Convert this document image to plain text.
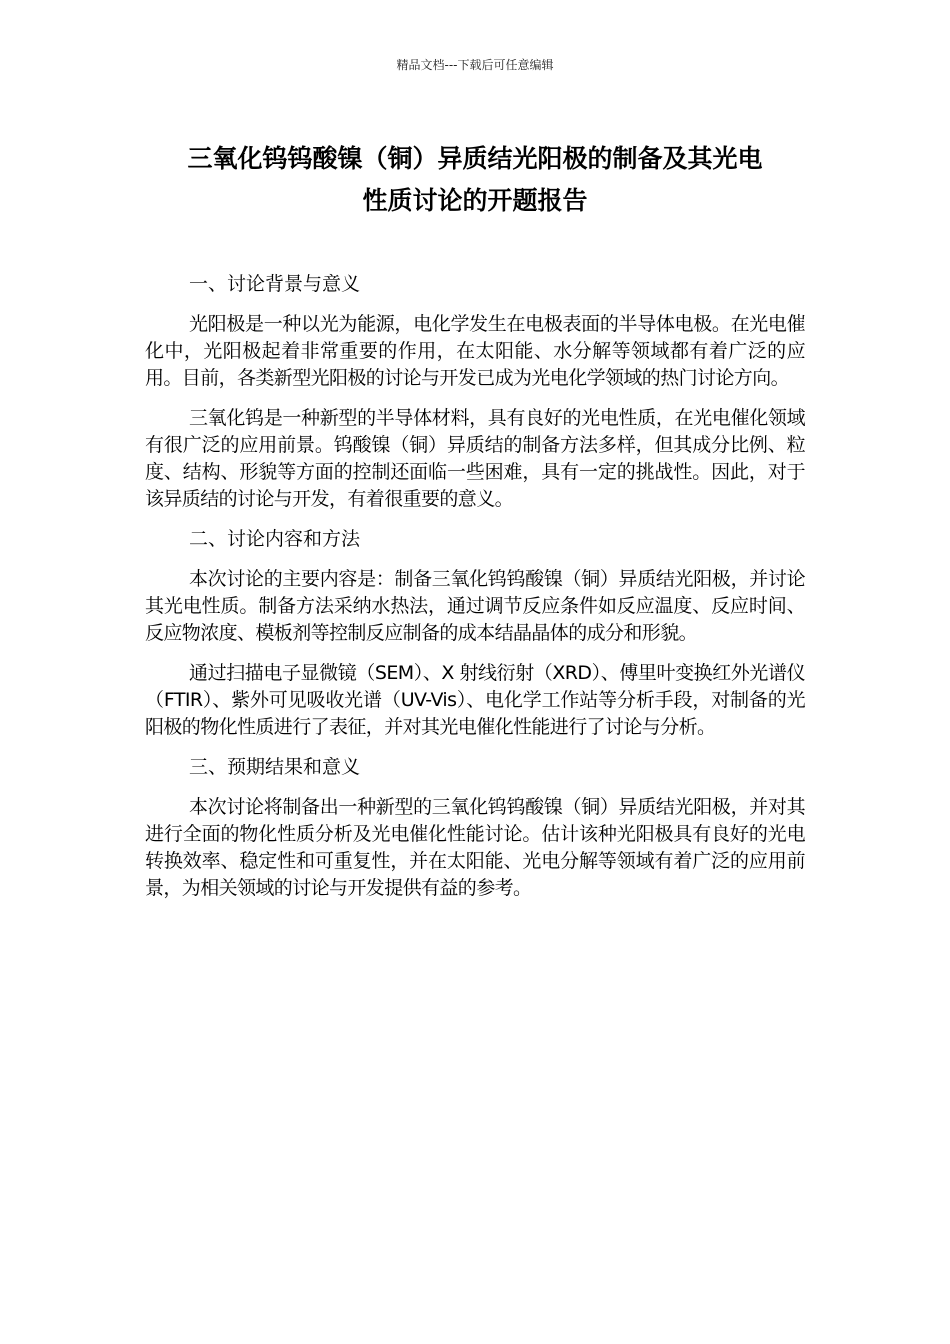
精品文档---下载后可任意编辑
三氧化钨钨酸镍（铜）异质结光阳极的制备及其光电
性质讨论的开题报告

一、讨论背景与意义

光阳极是一种以光为能源，电化学发生在电极表面的半导体电极。在光电催化中，光阳极起着非常重要的作用，在太阳能、水分解等领域都有着广泛的应用。目前，各类新型光阳极的讨论与开发已成为光电化学领域的热门讨论方向。

三氧化钨是一种新型的半导体材料，具有良好的光电性质，在光电催化领域有很广泛的应用前景。钨酸镍（铜）异质结的制备方法多样，但其成分比例、粒度、结构、形貌等方面的控制还面临一些困难，具有一定的挑战性。因此，对于该异质结的讨论与开发，有着很重要的意义。

二、讨论内容和方法

本次讨论的主要内容是：制备三氧化钨钨酸镍（铜）异质结光阳极，并讨论其光电性质。制备方法采纳水热法，通过调节反应条件如反应温度、反应时间、反应物浓度、模板剂等控制反应制备的成本结晶晶体的成分和形貌。

通过扫描电子显微镜（SEM）、X 射线衍射（XRD）、傅里叶变换红外光谱仪（FTIR）、紫外可见吸收光谱（UV-Vis）、电化学工作站等分析手段，对制备的光阳极的物化性质进行了表征，并对其光电催化性能进行了讨论与分析。

三、预期结果和意义

本次讨论将制备出一种新型的三氧化钨钨酸镍（铜）异质结光阳极，并对其进行全面的物化性质分析及光电催化性能讨论。估计该种光阳极具有良好的光电转换效率、稳定性和可重复性，并在太阳能、光电分解等领域有着广泛的应用前景，为相关领域的讨论与开发提供有益的参考。
